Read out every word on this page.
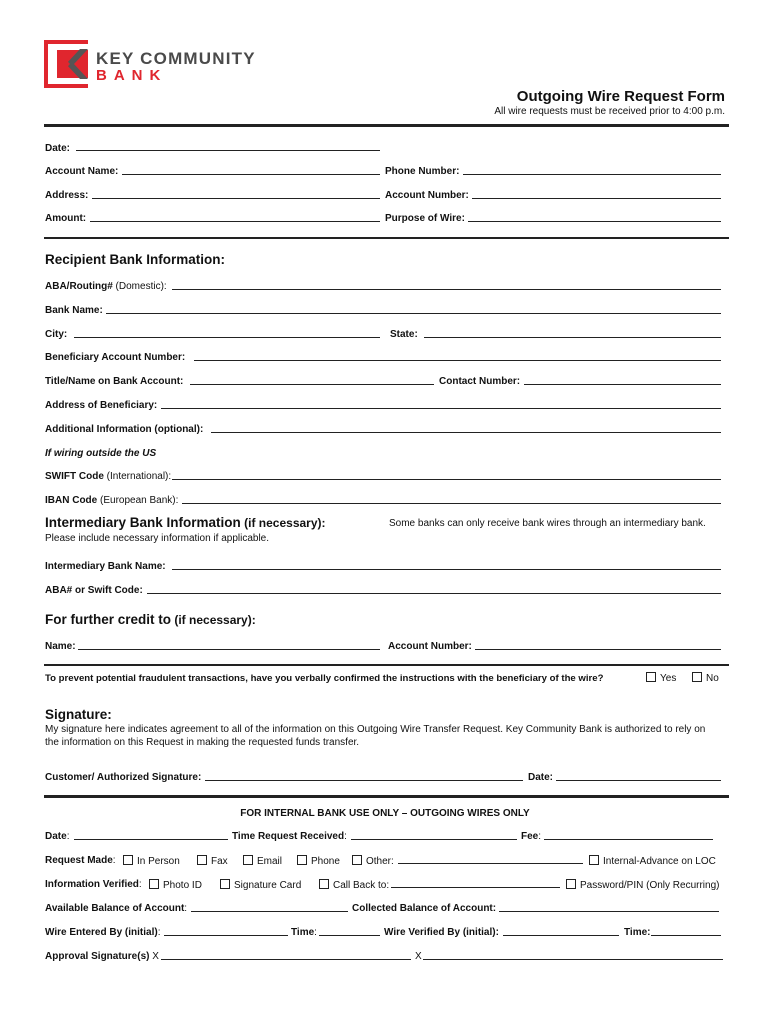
KEY COMMUNITY
BANK
Outgoing Wire Request Form
All wire requests must be received prior to 4:00 p.m.
Date:
Account Name:	Phone Number:
Address:	Account Number:
Amount:	Purpose of Wire:
Recipient Bank Information:
ABA/Routing# (Domestic):
Bank Name:
City:	State:
Beneficiary Account Number:
Title/Name on Bank Account:	Contact Number:
Address of Beneficiary:
Additional Information (optional):
If wiring outside the US
SWIFT Code (International):
IBAN Code (European Bank):
Intermediary Bank Information (if necessary):	Some banks can only receive bank wires through an intermediary bank.
Please include necessary information if applicable.
Intermediary Bank Name:
ABA# or Swift Code:
For further credit to (if necessary):
Name:	Account Number:
To prevent potential fraudulent transactions, have you verbally confirmed the instructions with the beneficiary of the wire?	Yes	No
Signature:
My signature here indicates agreement to all of the information on this Outgoing Wire Transfer Request. Key Community Bank is authorized to rely on
the information on this Request in making the requested funds transfer.
Customer/ Authorized Signature:	Date:
FOR INTERNAL BANK USE ONLY – OUTGOING WIRES ONLY
Date:	Time Request Received:	Fee:
Request Made:	In Person	Fax	Email	Phone	Other:	Internal-Advance on LOC
Information Verified:	Photo ID	Signature Card	Call Back to:	Password/PIN (Only Recurring)
Available Balance of Account:	Collected Balance of Account:
Wire Entered By (initial):	Time:	Wire Verified By (initial):	Time:
Approval Signature(s) X	X
